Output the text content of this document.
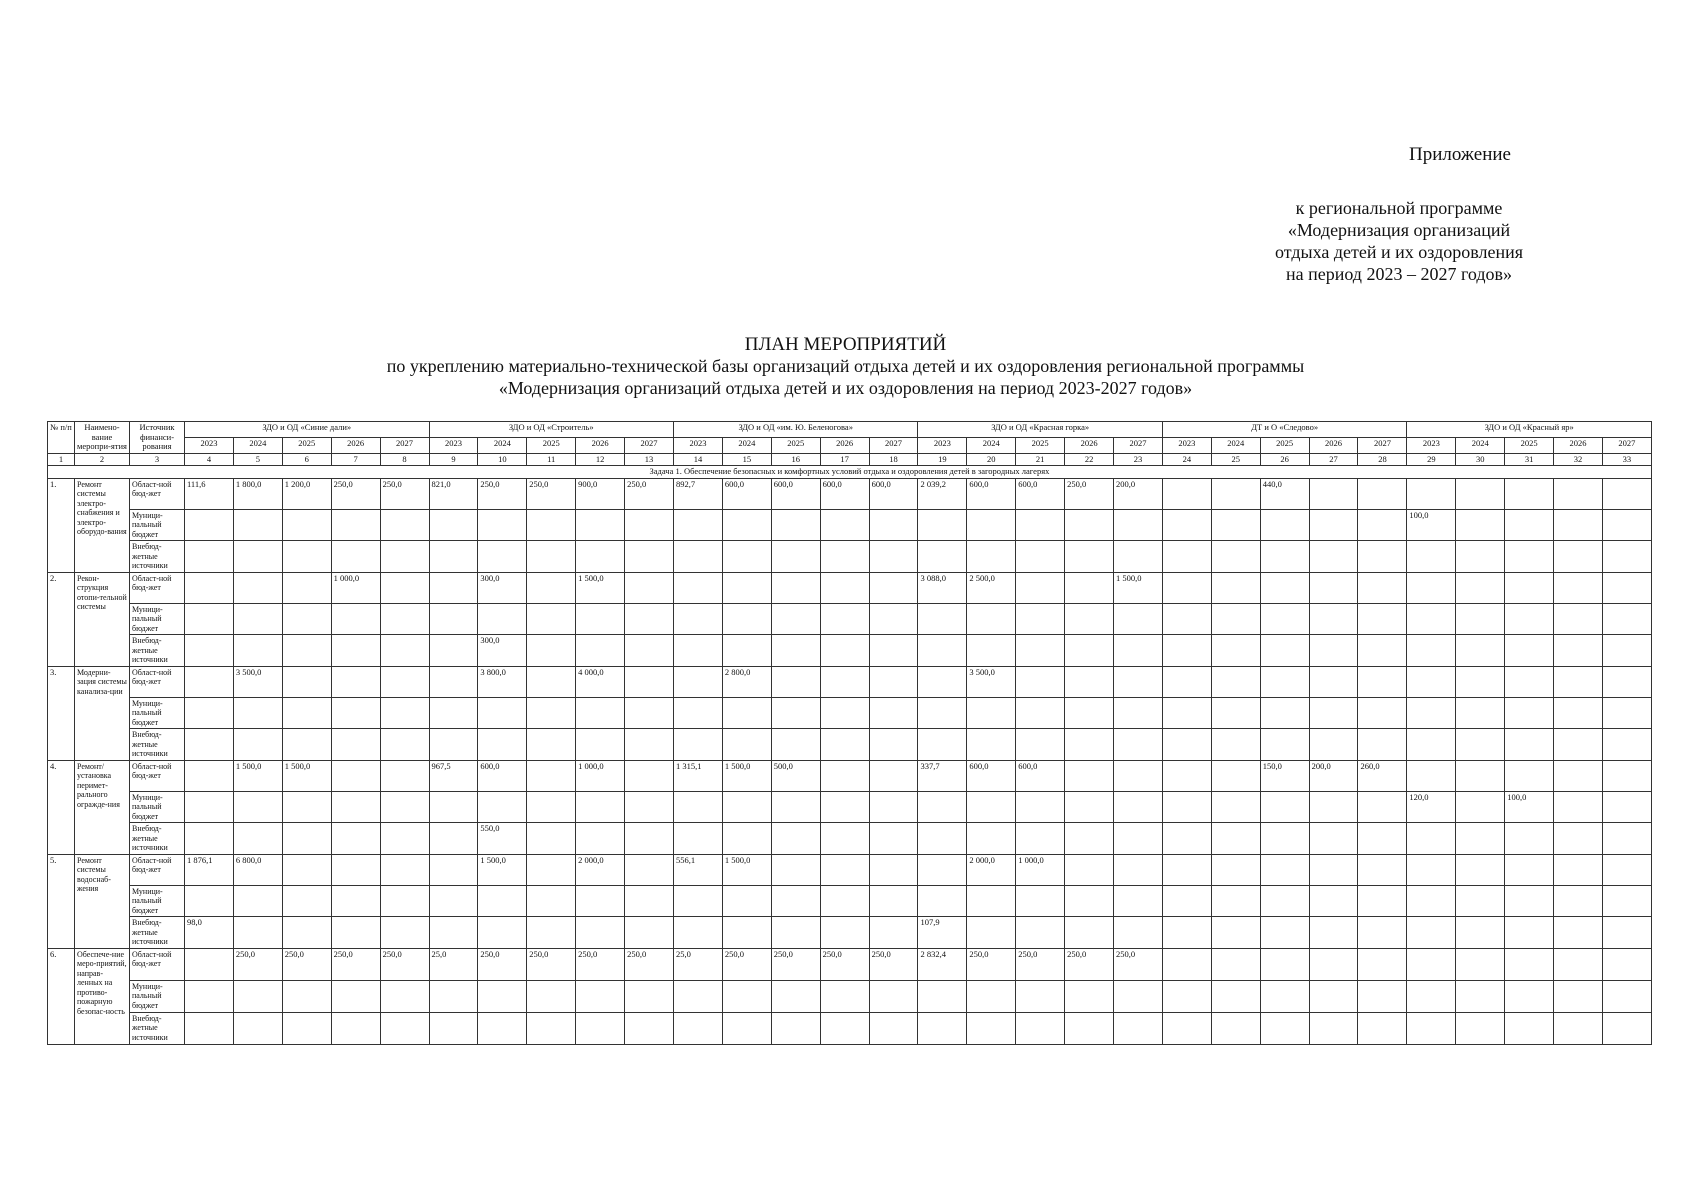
Приложение
к региональной программе
«Модернизация организаций
отдыха детей и их оздоровления
на период 2023 – 2027 годов»
ПЛАН МЕРОПРИЯТИЙ
по укреплению материально-технической базы организаций отдыха детей и их оздоровления региональной программы
«Модернизация организаций отдыха детей и их оздоровления на период 2023-2027 годов»
№ п/п	Наимено-вание меропри-ятия	Источник финанси-рования	ЗДО и ОД «Синие дали»					ЗДО и ОД «Строитель»					ЗДО и ОД «им. Ю. Беленогова»					ЗДО и ОД «Красная горка»					ДТ и О «Следово»					ЗДО и ОД «Красный яр»				
			2023	2024	2025	2026	2027	2023	2024	2025	2026	2027	2023	2024	2025	2026	2027	2023	2024	2025	2026	2027	2023	2024	2025	2026	2027	2023	2024	2025	2026	2027
1	2	3	4	5	6	7	8	9	10	11	12	13	14	15	16	17	18	19	20	21	22	23	24	25	26	27	28	29	30	31	32	33
Задача 1. Обеспечение безопасных и комфортных условий отдыха и оздоровления детей в загородных лагерях																																
1.	Ремонт системы электро-снабжения и электро-оборудо-вания	Област-ной бюд-жет	111,6	1 800,0	1 200,0	250,0	250,0	821,0	250,0	250,0	900,0	250,0	892,7	600,0	600,0	600,0	600,0	2 039,2	600,0	600,0	250,0	200,0			440,0							
		Муници-пальный бюджет																										100,0				
		Внебюд-жетные источники																														
2.	Рекон-струкция отопи-тельной системы	Област-ной бюд-жет				1 000,0			300,0		1 500,0							3 088,0	2 500,0			1 500,0										
		Муници-пальный бюджет																														
		Внебюд-жетные источники							300,0																							
3.	Модерни-зация системы канализа-ции	Област-ной бюд-жет		3 500,0					3 800,0		4 000,0			2 800,0					3 500,0													
		Муници-пальный бюджет																														
		Внебюд-жетные источники																														
4.	Ремонт/ установка перимет-рального огражде-ния	Област-ной бюд-жет		1 500,0	1 500,0			967,5	600,0		1 000,0		1 315,1	1 500,0	500,0			337,7	600,0	600,0					150,0	200,0	260,0					
		Муници-пальный бюджет																										120,0		100,0		
		Внебюд-жетные источники							550,0																							
5.	Ремонт системы водоснаб-жения	Област-ной бюд-жет	1 876,1	6 800,0					1 500,0		2 000,0		556,1	1 500,0					2 000,0	1 000,0												
		Муници-пальный бюджет																														
		Внебюд-жетные источники	98,0															107,9														
6.	Обеспече-ние меро-приятий, направ-ленных на противо-пожарную безопас-ность	Област-ной бюд-жет		250,0	250,0	250,0	250,0	25,0	250,0	250,0	250,0	250,0	25,0	250,0	250,0	250,0	250,0	2 832,4	250,0	250,0	250,0	250,0										
		Муници-пальный бюджет																														
		Внебюд-жетные источники																														
